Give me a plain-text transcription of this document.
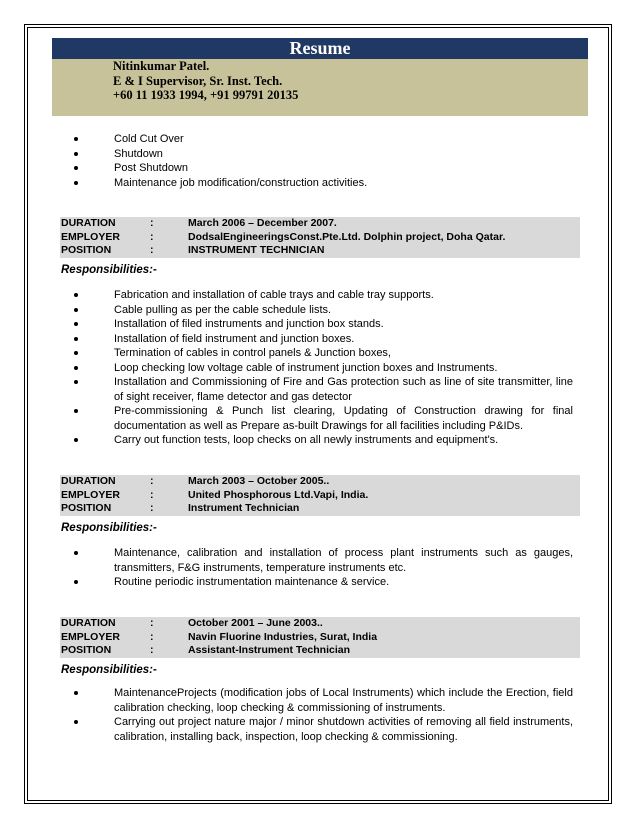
Resume
Nitinkumar Patel.
E & I Supervisor, Sr. Inst. Tech.
+60 11 1933 1994, +91 99791 20135
Cold Cut Over
Shutdown
Post Shutdown
Maintenance job modification/construction activities.
DURATION	:	March 2006 – December 2007.
EMPLOYER	:	DodsalEngineeringsConst.Pte.Ltd. Dolphin project, Doha Qatar.
POSITION	:	INSTRUMENT TECHNICIAN
Responsibilities:-
Fabrication and installation of cable trays and cable tray supports.
Cable pulling as per the cable schedule lists.
Installation of filed instruments and junction box stands.
Installation of field instrument and junction boxes.
Termination of cables in control panels & Junction boxes,
Loop checking low voltage cable of instrument junction boxes and Instruments.
Installation and Commissioning of Fire and Gas protection such as line of site transmitter, line of sight receiver, flame detector and gas detector
Pre-commissioning & Punch list clearing, Updating of Construction drawing for final documentation as well as Prepare as-built Drawings for all facilities including P&IDs.
Carry out function tests, loop checks on all newly instruments and equipment's.
DURATION	:	March 2003 – October 2005..
EMPLOYER	:	United Phosphorous Ltd.Vapi, India.
POSITION	:	Instrument Technician
Responsibilities:-
Maintenance, calibration and installation of process plant instruments such as gauges, transmitters, F&G instruments, temperature instruments etc.
Routine periodic instrumentation maintenance & service.
DURATION	:	October 2001 – June 2003..
EMPLOYER	:	Navin Fluorine Industries, Surat, India
POSITION	:	Assistant-Instrument Technician
Responsibilities:-
MaintenanceProjects (modification jobs of Local Instruments) which include the Erection, field calibration checking, loop checking & commissioning of instruments.
Carrying out project nature major / minor shutdown activities of removing all field instruments, calibration, installing back, inspection, loop checking & commissioning.
